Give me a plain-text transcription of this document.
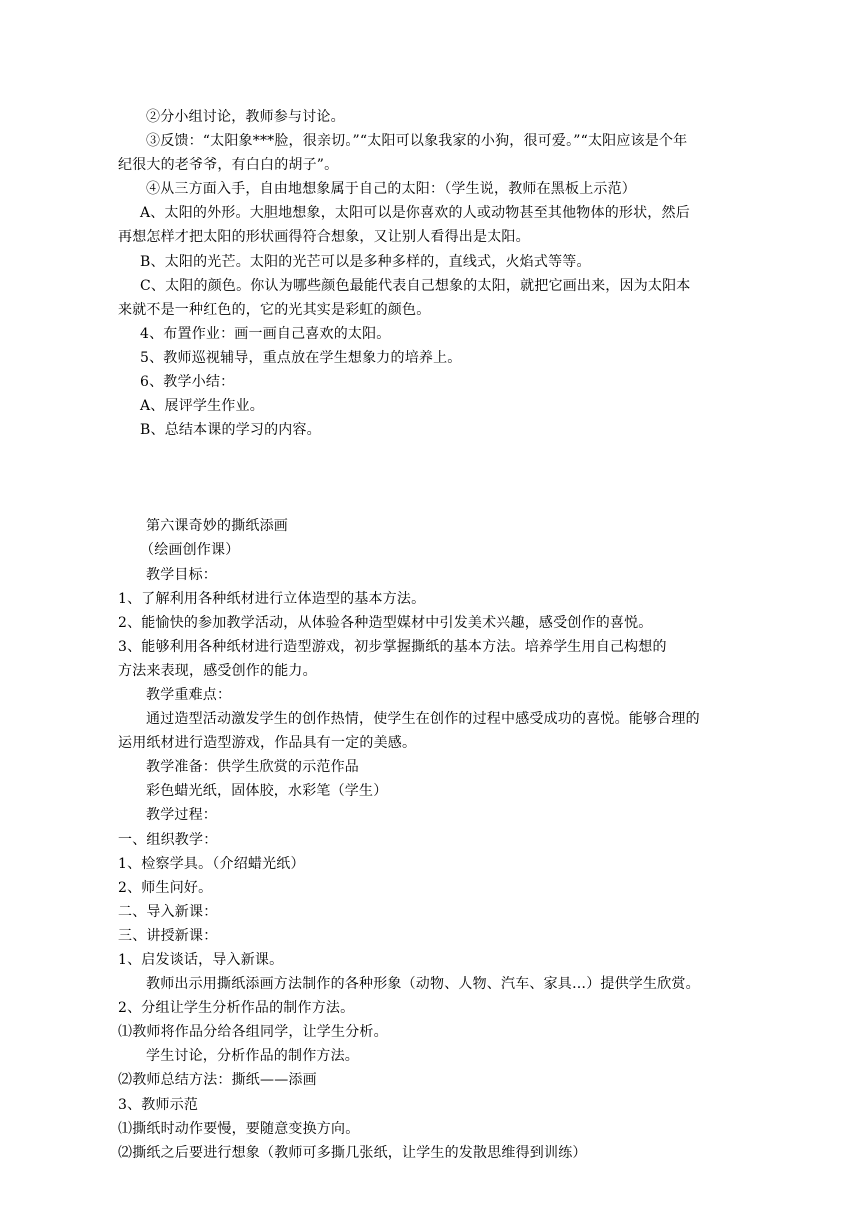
②分小组讨论，教师参与讨论。
③反馈：“太阳象***脸，很亲切。”“太阳可以象我家的小狗，很可爱。”“太阳应该是个年
纪很大的老爷爷，有白白的胡子”。
④从三方面入手，自由地想象属于自己的太阳：（学生说，教师在黑板上示范）
A、太阳的外形。大胆地想象，太阳可以是你喜欢的人或动物甚至其他物体的形状，然后
再想怎样才把太阳的形状画得符合想象，又让别人看得出是太阳。
B、太阳的光芒。太阳的光芒可以是多种多样的，直线式，火焰式等等。
C、太阳的颜色。你认为哪些颜色最能代表自己想象的太阳，就把它画出来，因为太阳本
来就不是一种红色的，它的光其实是彩虹的颜色。
4、布置作业：画一画自己喜欢的太阳。
5、教师巡视辅导，重点放在学生想象力的培养上。
6、教学小结：
A、展评学生作业。
B、总结本课的学习的内容。
第六课奇妙的撕纸添画
（绘画创作课）
教学目标：
1、了解利用各种纸材进行立体造型的基本方法。
2、能愉快的参加教学活动，从体验各种造型媒材中引发美术兴趣，感受创作的喜悦。
3、能够利用各种纸材进行造型游戏，初步掌握撕纸的基本方法。培养学生用自己构想的
方法来表现，感受创作的能力。
教学重难点：
通过造型活动激发学生的创作热情，使学生在创作的过程中感受成功的喜悦。能够合理的
运用纸材进行造型游戏，作品具有一定的美感。
教学准备：供学生欣赏的示范作品
彩色蜡光纸，固体胶，水彩笔（学生）
教学过程：
一、组织教学：
1、检察学具。（介绍蜡光纸）
2、师生问好。
二、导入新课：
三、讲授新课：
1、启发谈话，导入新课。
教师出示用撕纸添画方法制作的各种形象（动物、人物、汽车、家具…）提供学生欣赏。
2、分组让学生分析作品的制作方法。
⑴教师将作品分给各组同学，让学生分析。
学生讨论，分析作品的制作方法。
⑵教师总结方法：撕纸——添画
3、教师示范
⑴撕纸时动作要慢，要随意变换方向。
⑵撕纸之后要进行想象（教师可多撕几张纸，让学生的发散思维得到训练）
